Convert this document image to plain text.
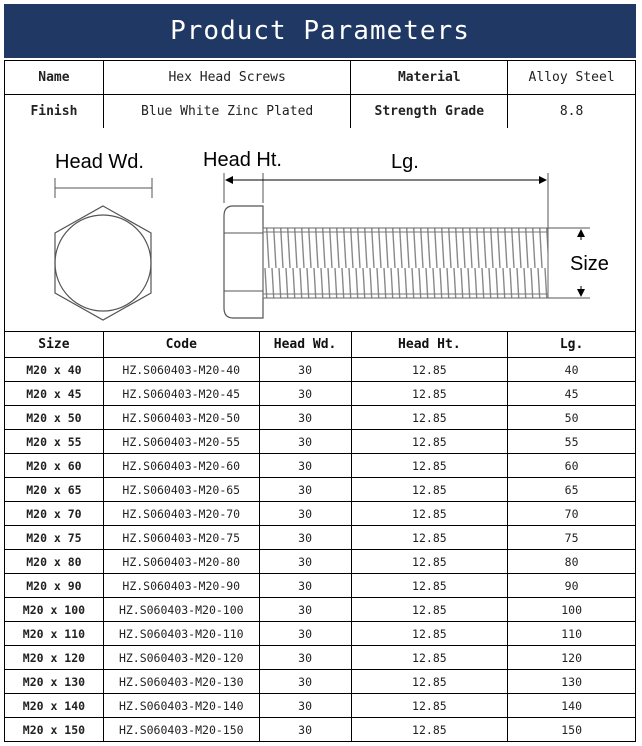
Product Parameters
Name	Hex Head Screws	Material	Alloy Steel
Finish	Blue White Zinc Plated	Strength Grade	8.8
Head Wd.	Head Ht.	Lg.
Size
Size	Code	Head Wd.	Head Ht.	Lg.
M20 x 40	HZ.S060403-M20-40	30	12.85	40
M20 x 45	HZ.S060403-M20-45	30	12.85	45
M20 x 50	HZ.S060403-M20-50	30	12.85	50
M20 x 55	HZ.S060403-M20-55	30	12.85	55
M20 x 60	HZ.S060403-M20-60	30	12.85	60
M20 x 65	HZ.S060403-M20-65	30	12.85	65
M20 x 70	HZ.S060403-M20-70	30	12.85	70
M20 x 75	HZ.S060403-M20-75	30	12.85	75
M20 x 80	HZ.S060403-M20-80	30	12.85	80
M20 x 90	HZ.S060403-M20-90	30	12.85	90
M20 x 100	HZ.S060403-M20-100	30	12.85	100
M20 x 110	HZ.S060403-M20-110	30	12.85	110
M20 x 120	HZ.S060403-M20-120	30	12.85	120
M20 x 130	HZ.S060403-M20-130	30	12.85	130
M20 x 140	HZ.S060403-M20-140	30	12.85	140
M20 x 150	HZ.S060403-M20-150	30	12.85	150
